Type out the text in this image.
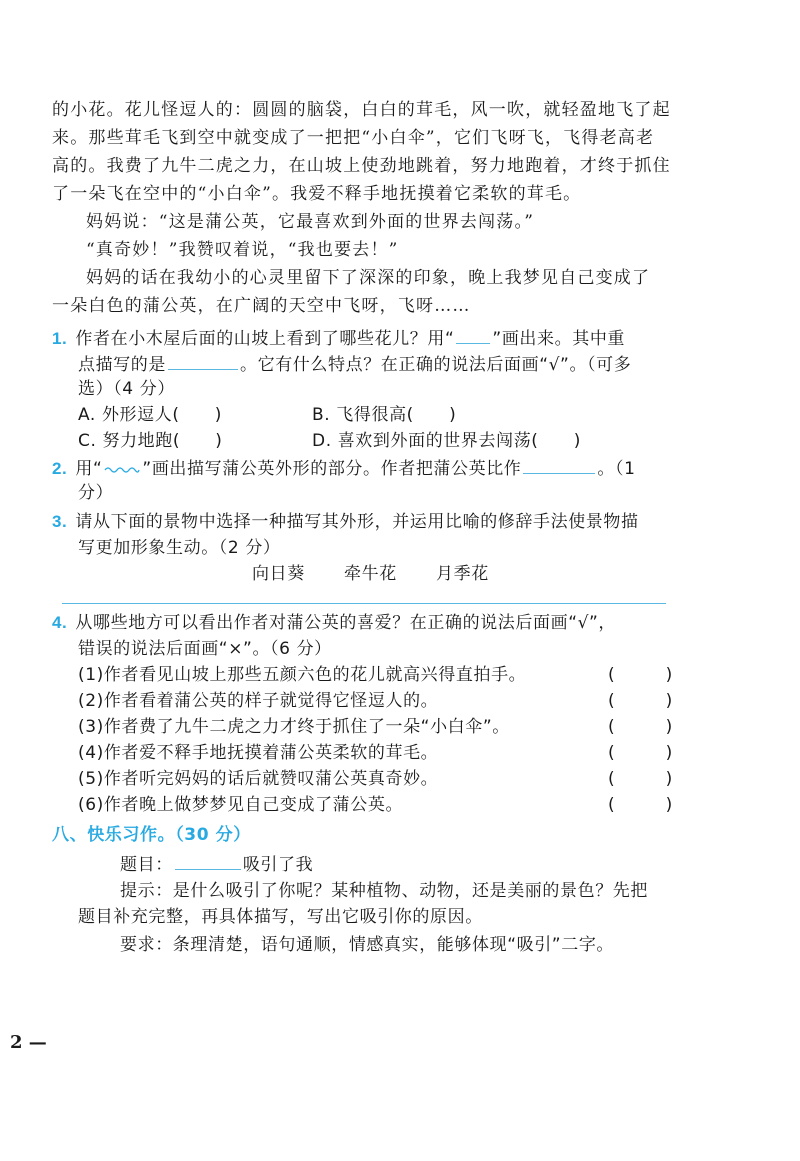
的小花。花儿怪逗人的：圆圆的脑袋，白白的茸毛，风一吹，就轻盈地飞了起
来。那些茸毛飞到空中就变成了一把把“小白伞”，它们飞呀飞，飞得老高老
高的。我费了九牛二虎之力，在山坡上使劲地跳着，努力地跑着，才终于抓住
了一朵飞在空中的“小白伞”。我爱不释手地抚摸着它柔软的茸毛。
妈妈说：“这是蒲公英，它最喜欢到外面的世界去闯荡。”
“真奇妙！”我赞叹着说，“我也要去！”
妈妈的话在我幼小的心灵里留下了深深的印象，晚上我梦见自己变成了
一朵白色的蒲公英，在广阔的天空中飞呀，飞呀……
1. 作者在小木屋后面的山坡上看到了哪些花儿？用“ ”画出来。其中重
点描写的是	。它有什么特点？在正确的说法后面画“√”。（可多
选）（4 分）
A. 外形逗人(　　)	B. 飞得很高(　　)
C. 努力地跑(　　)	D. 喜欢到外面的世界去闯荡(　　)
2. 用“ ”画出描写蒲公英外形的部分。作者把蒲公英比作	。（1
分）
3. 请从下面的景物中选择一种描写其外形，并运用比喻的修辞手法使景物描
写更加形象生动。（2 分）
向日葵 牵牛花 月季花
4. 从哪些地方可以看出作者对蒲公英的喜爱？在正确的说法后面画“√”，
错误的说法后面画“×”。（6 分）
(1)作者看见山坡上那些五颜六色的花儿就高兴得直拍手。	(　　　)
(2)作者看着蒲公英的样子就觉得它怪逗人的。	(　　　)
(3)作者费了九牛二虎之力才终于抓住了一朵“小白伞”。	(　　　)
(4)作者爱不释手地抚摸着蒲公英柔软的茸毛。	(　　　)
(5)作者听完妈妈的话后就赞叹蒲公英真奇妙。	(　　　)
(6)作者晚上做梦梦见自己变成了蒲公英。	(　　　)
八、快乐习作。（30 分）
题目：	吸引了我
提示：是什么吸引了你呢？某种植物、动物，还是美丽的景色？先把
题目补充完整，再具体描写，写出它吸引你的原因。
要求：条理清楚，语句通顺，情感真实，能够体现“吸引”二字。
2 —
